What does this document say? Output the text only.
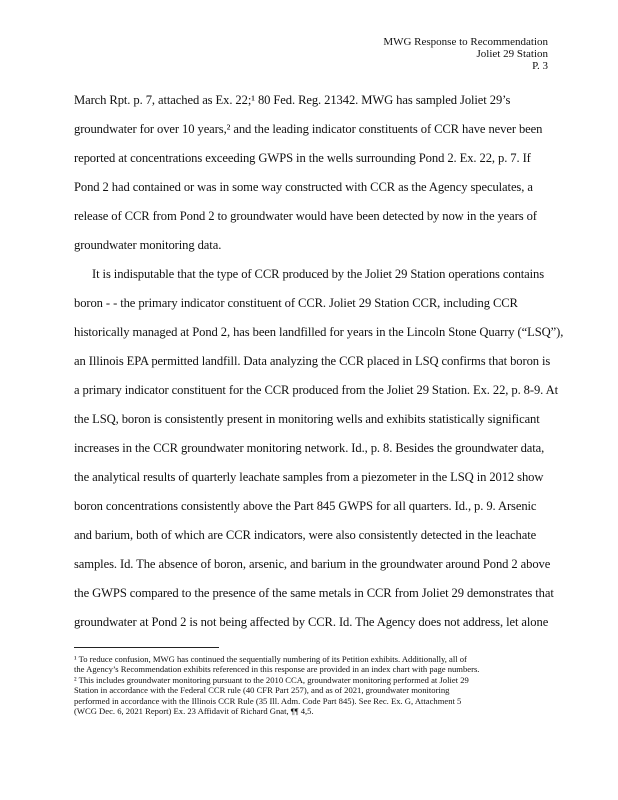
MWG Response to Recommendation
Joliet 29 Station
P. 3
March Rpt. p. 7, attached as Ex. 22;¹ 80 Fed. Reg. 21342. MWG has sampled Joliet 29’s
groundwater for over 10 years,² and the leading indicator constituents of CCR have never been
reported at concentrations exceeding GWPS in the wells surrounding Pond 2. Ex. 22, p. 7. If
Pond 2 had contained or was in some way constructed with CCR as the Agency speculates, a
release of CCR from Pond 2 to groundwater would have been detected by now in the years of
groundwater monitoring data.
It is indisputable that the type of CCR produced by the Joliet 29 Station operations contains
boron - - the primary indicator constituent of CCR. Joliet 29 Station CCR, including CCR
historically managed at Pond 2, has been landfilled for years in the Lincoln Stone Quarry (“LSQ”),
an Illinois EPA permitted landfill. Data analyzing the CCR placed in LSQ confirms that boron is
a primary indicator constituent for the CCR produced from the Joliet 29 Station. Ex. 22, p. 8-9. At
the LSQ, boron is consistently present in monitoring wells and exhibits statistically significant
increases in the CCR groundwater monitoring network. Id., p. 8. Besides the groundwater data,
the analytical results of quarterly leachate samples from a piezometer in the LSQ in 2012 show
boron concentrations consistently above the Part 845 GWPS for all quarters. Id., p. 9. Arsenic
and barium, both of which are CCR indicators, were also consistently detected in the leachate
samples. Id. The absence of boron, arsenic, and barium in the groundwater around Pond 2 above
the GWPS compared to the presence of the same metals in CCR from Joliet 29 demonstrates that
groundwater at Pond 2 is not being affected by CCR. Id. The Agency does not address, let alone
¹ To reduce confusion, MWG has continued the sequentially numbering of its Petition exhibits. Additionally, all of
the Agency’s Recommendation exhibits referenced in this response are provided in an index chart with page numbers.
² This includes groundwater monitoring pursuant to the 2010 CCA, groundwater monitoring performed at Joliet 29
Station in accordance with the Federal CCR rule (40 CFR Part 257), and as of 2021, groundwater monitoring
performed in accordance with the Illinois CCR Rule (35 Ill. Adm. Code Part 845). See Rec. Ex. G, Attachment 5
(WCG Dec. 6, 2021 Report) Ex. 23 Affidavit of Richard Gnat, ¶¶ 4,5.
